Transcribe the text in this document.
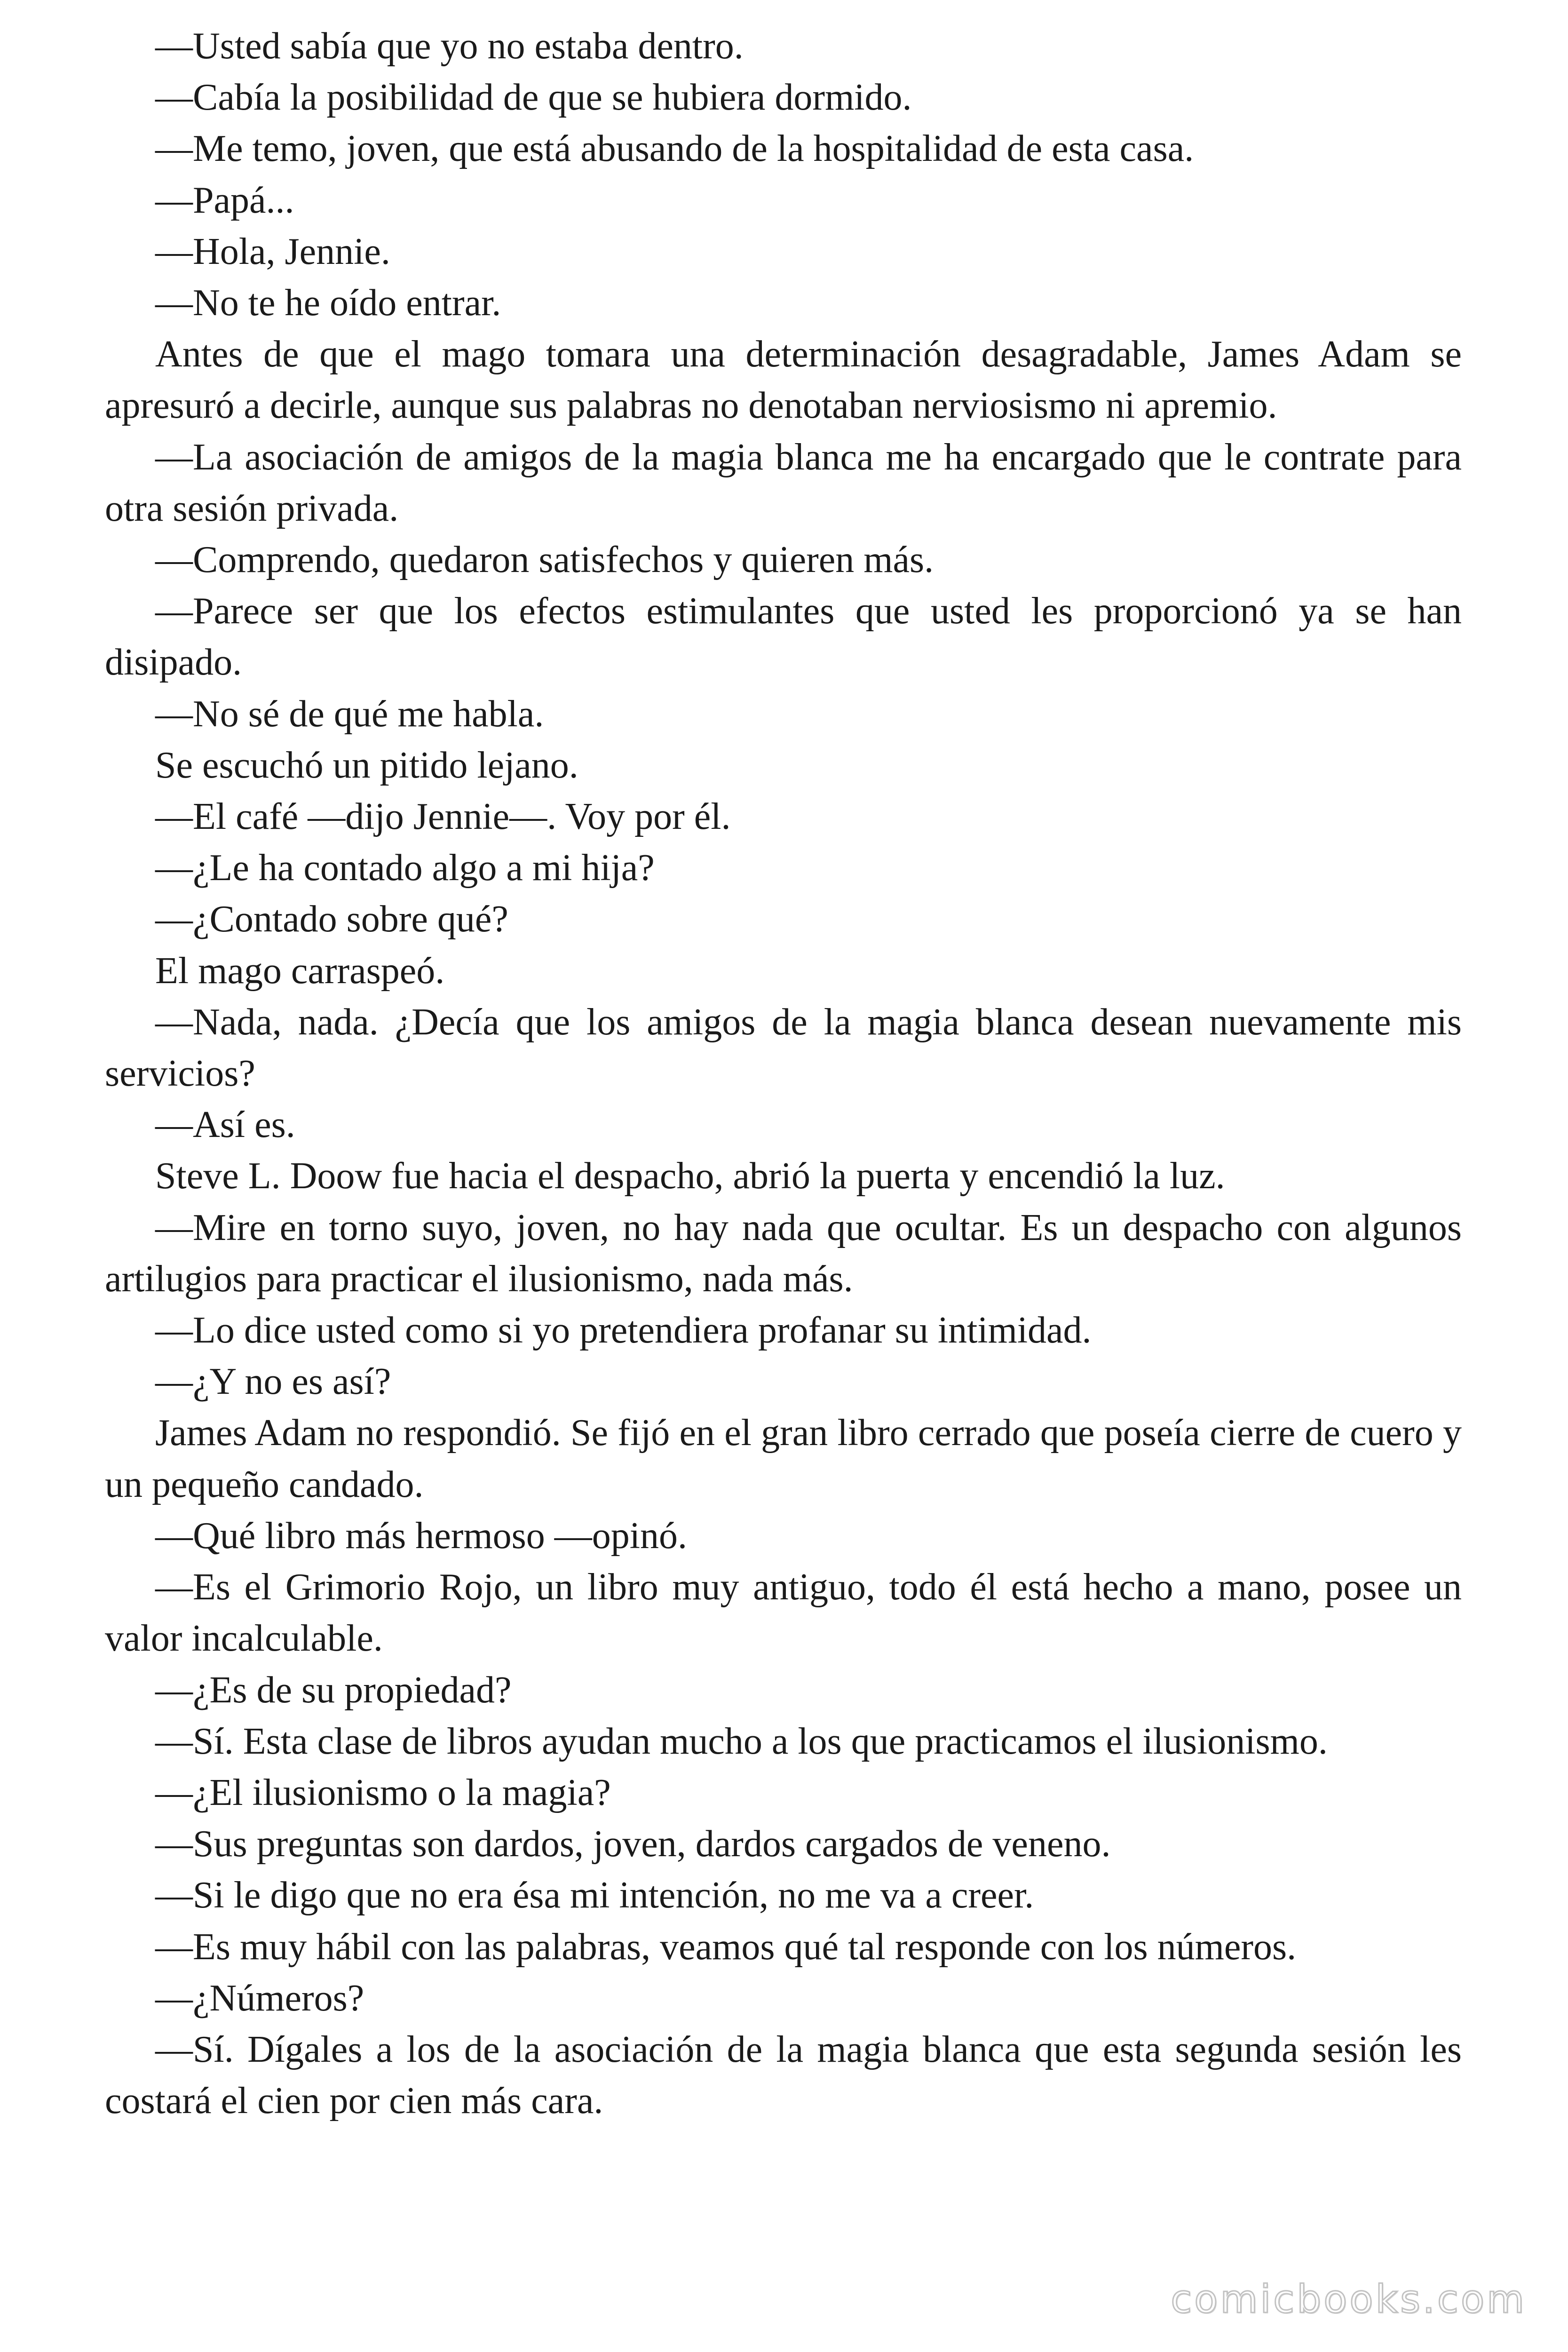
—Usted sabía que yo no estaba dentro.

—Cabía la posibilidad de que se hubiera dormido.

—Me temo, joven, que está abusando de la hospitalidad de esta casa.

—Papá...

—Hola, Jennie.

—No te he oído entrar.

Antes de que el mago tomara una determinación desagradable, James Adam se apresuró a decirle, aunque sus palabras no denotaban nerviosismo ni apremio.

—La asociación de amigos de la magia blanca me ha encargado que le contrate para otra sesión privada.

—Comprendo, quedaron satisfechos y quieren más.

—Parece ser que los efectos estimulantes que usted les proporcionó ya se han disipado.

—No sé de qué me habla.

Se escuchó un pitido lejano.

—El café —dijo Jennie—. Voy por él.

—¿Le ha contado algo a mi hija?

—¿Contado sobre qué?

El mago carraspeó.

—Nada, nada. ¿Decía que los amigos de la magia blanca desean nuevamente mis servicios?

—Así es.

Steve L. Doow fue hacia el despacho, abrió la puerta y encendió la luz.

—Mire en torno suyo, joven, no hay nada que ocultar. Es un despacho con algunos artilugios para practicar el ilusionismo, nada más.

—Lo dice usted como si yo pretendiera profanar su intimidad.

—¿Y no es así?

James Adam no respondió. Se fijó en el gran libro cerrado que poseía cierre de cuero y un pequeño candado.

—Qué libro más hermoso —opinó.

—Es el Grimorio Rojo, un libro muy antiguo, todo él está hecho a mano, posee un valor incalculable.

—¿Es de su propiedad?

—Sí. Esta clase de libros ayudan mucho a los que practicamos el ilusionismo.

—¿El ilusionismo o la magia?

—Sus preguntas son dardos, joven, dardos cargados de veneno.

—Si le digo que no era ésa mi intención, no me va a creer.

—Es muy hábil con las palabras, veamos qué tal responde con los números.

—¿Números?

—Sí. Dígales a los de la asociación de la magia blanca que esta segunda sesión les costará el cien por cien más cara.

comicbooks.com
